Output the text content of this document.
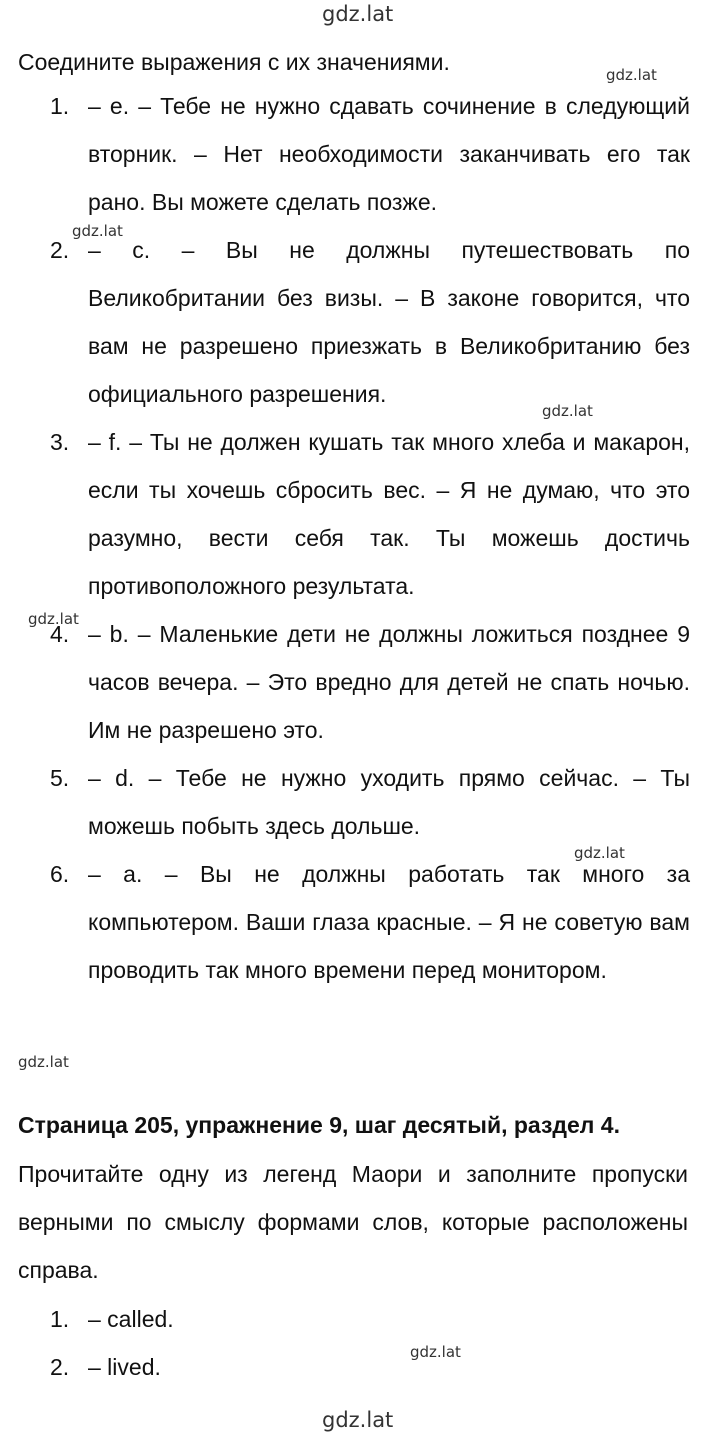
gdz.lat
gdz.lat
gdz.lat
gdz.lat
gdz.lat
gdz.lat
gdz.lat
gdz.lat
gdz.lat

Соедините выражения с их значениями.

1. – e. – Тебе не нужно сдавать сочинение в следующий вторник. – Нет необходимости заканчивать его так рано. Вы можете сделать позже.
2. – c. – Вы не должны путешествовать по Великобритании без визы. – В законе говорится, что вам не разрешено приезжать в Великобританию без официального разрешения.
3. – f. – Ты не должен кушать так много хлеба и макарон, если ты хочешь сбросить вес. – Я не думаю, что это разумно, вести себя так. Ты можешь достичь противоположного результата.
4. – b. – Маленькие дети не должны ложиться позднее 9 часов вечера. – Это вредно для детей не спать ночью. Им не разрешено это.
5. – d. – Тебе не нужно уходить прямо сейчас. – Ты можешь побыть здесь дольше.
6. – a. – Вы не должны работать так много за компьютером. Ваши глаза красные. – Я не советую вам проводить так много времени перед монитором.
Страница 205, упражнение 9, шаг десятый, раздел 4.

Прочитайте одну из легенд Маори и заполните пропуски верными по смыслу формами слов, которые расположены справа.

1. – called.
2. – lived.
